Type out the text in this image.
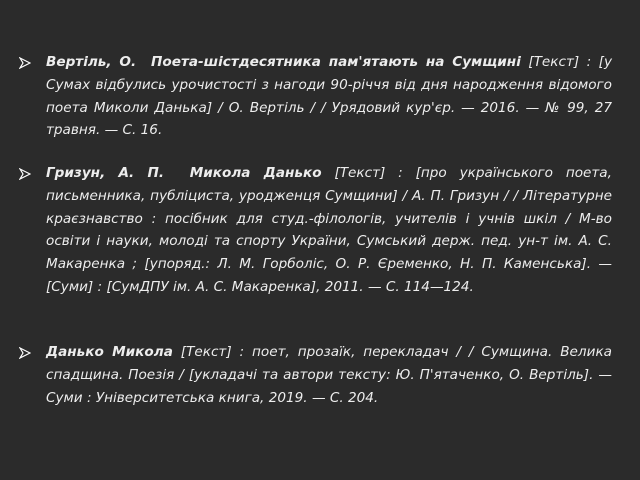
Вертіль, О. Поета-шістдесятника пам'ятають на Сумщині [Текст] : [у Сумах відбулись урочистості з нагоди 90-річчя від дня народження відомого поета Миколи Данька] / О. Вертіль / / Урядовий кур'єр. — 2016. — № 99, 27 травня. — С. 16.

Гризун, А. П. Микола Данько [Текст] : [про українського поета, письменника, публіциста, уродженця Сумщини] / А. П. Гризун / / Літературне краєзнавство : посібник для студ.-філологів, учителів і учнів шкіл / М-во освіти і науки, молоді та спорту України, Сумський держ. пед. ун-т ім. А. С. Макаренка ; [упоряд.: Л. М. Горболіс, О. Р. Єременко, Н. П. Каменська]. — [Суми] : [СумДПУ ім. А. С. Макаренка], 2011. — С. 114—124.

Данько Микола [Текст] : поет, прозаїк, перекладач / / Сумщина. Велика спадщина. Поезія / [укладачі та автори тексту: Ю. П'ятаченко, О. Вертіль]. — Суми : Університетська книга, 2019. — С. 204.
